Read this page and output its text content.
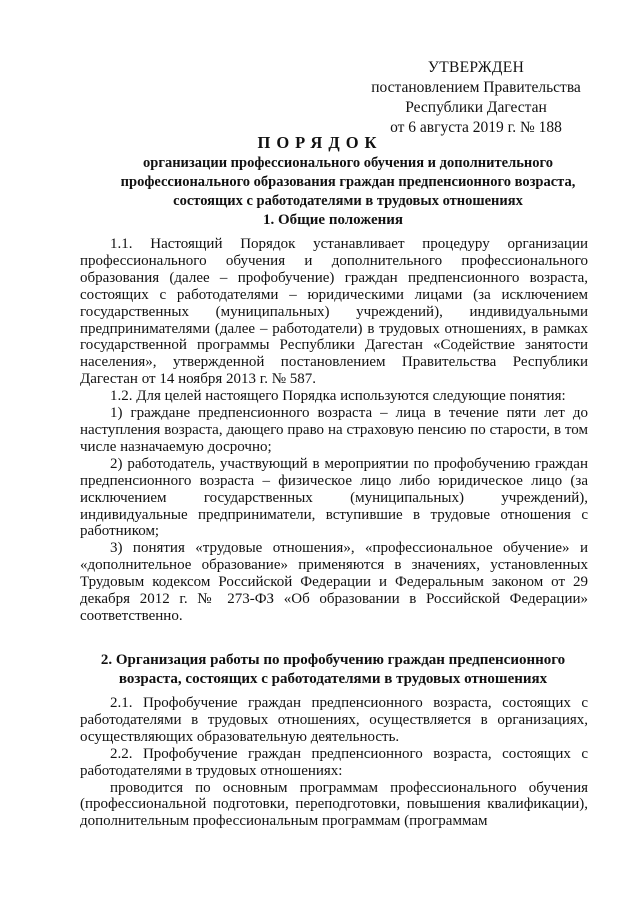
УТВЕРЖДЕН
постановлением Правительства
Республики Дагестан
от 6 августа 2019 г. № 188
ПОРЯДОК
организации профессионального обучения и дополнительного профессионального образования граждан предпенсионного возраста, состоящих с работодателями в трудовых отношениях
1. Общие положения

1.1. Настоящий Порядок устанавливает процедуру организации профессионального обучения и дополнительного профессионального образования (далее – профобучение) граждан предпенсионного возраста, состоящих с работодателями – юридическими лицами (за исключением государственных (муниципальных) учреждений), индивидуальными предпринимателями (далее – работодатели) в трудовых отношениях, в рамках государственной программы Республики Дагестан «Содействие занятости населения», утвержденной постановлением Правительства Республики Дагестан от 14 ноября 2013 г. № 587.

1.2. Для целей настоящего Порядка используются следующие понятия:

1) граждане предпенсионного возраста – лица в течение пяти лет до наступления возраста, дающего право на страховую пенсию по старости, в том числе назначаемую досрочно;

2) работодатель, участвующий в мероприятии по профобучению граждан предпенсионного возраста – физическое лицо либо юридическое лицо (за исключением государственных (муниципальных) учреждений), индивидуальные предприниматели, вступившие в трудовые отношения с работником;

3) понятия «трудовые отношения», «профессиональное обучение» и «дополнительное образование» применяются в значениях, установленных Трудовым кодексом Российской Федерации и Федеральным законом от 29 декабря 2012 г. № 273-ФЗ «Об образовании в Российской Федерации» соответственно.

2. Организация работы по профобучению граждан предпенсионного возраста, состоящих с работодателями в трудовых отношениях

2.1. Профобучение граждан предпенсионного возраста, состоящих с работодателями в трудовых отношениях, осуществляется в организациях, осуществляющих образовательную деятельность.

2.2. Профобучение граждан предпенсионного возраста, состоящих с работодателями в трудовых отношениях:

проводится по основным программам профессионального обучения (профессиональной подготовки, переподготовки, повышения квалификации), дополнительным профессиональным программам (программам
